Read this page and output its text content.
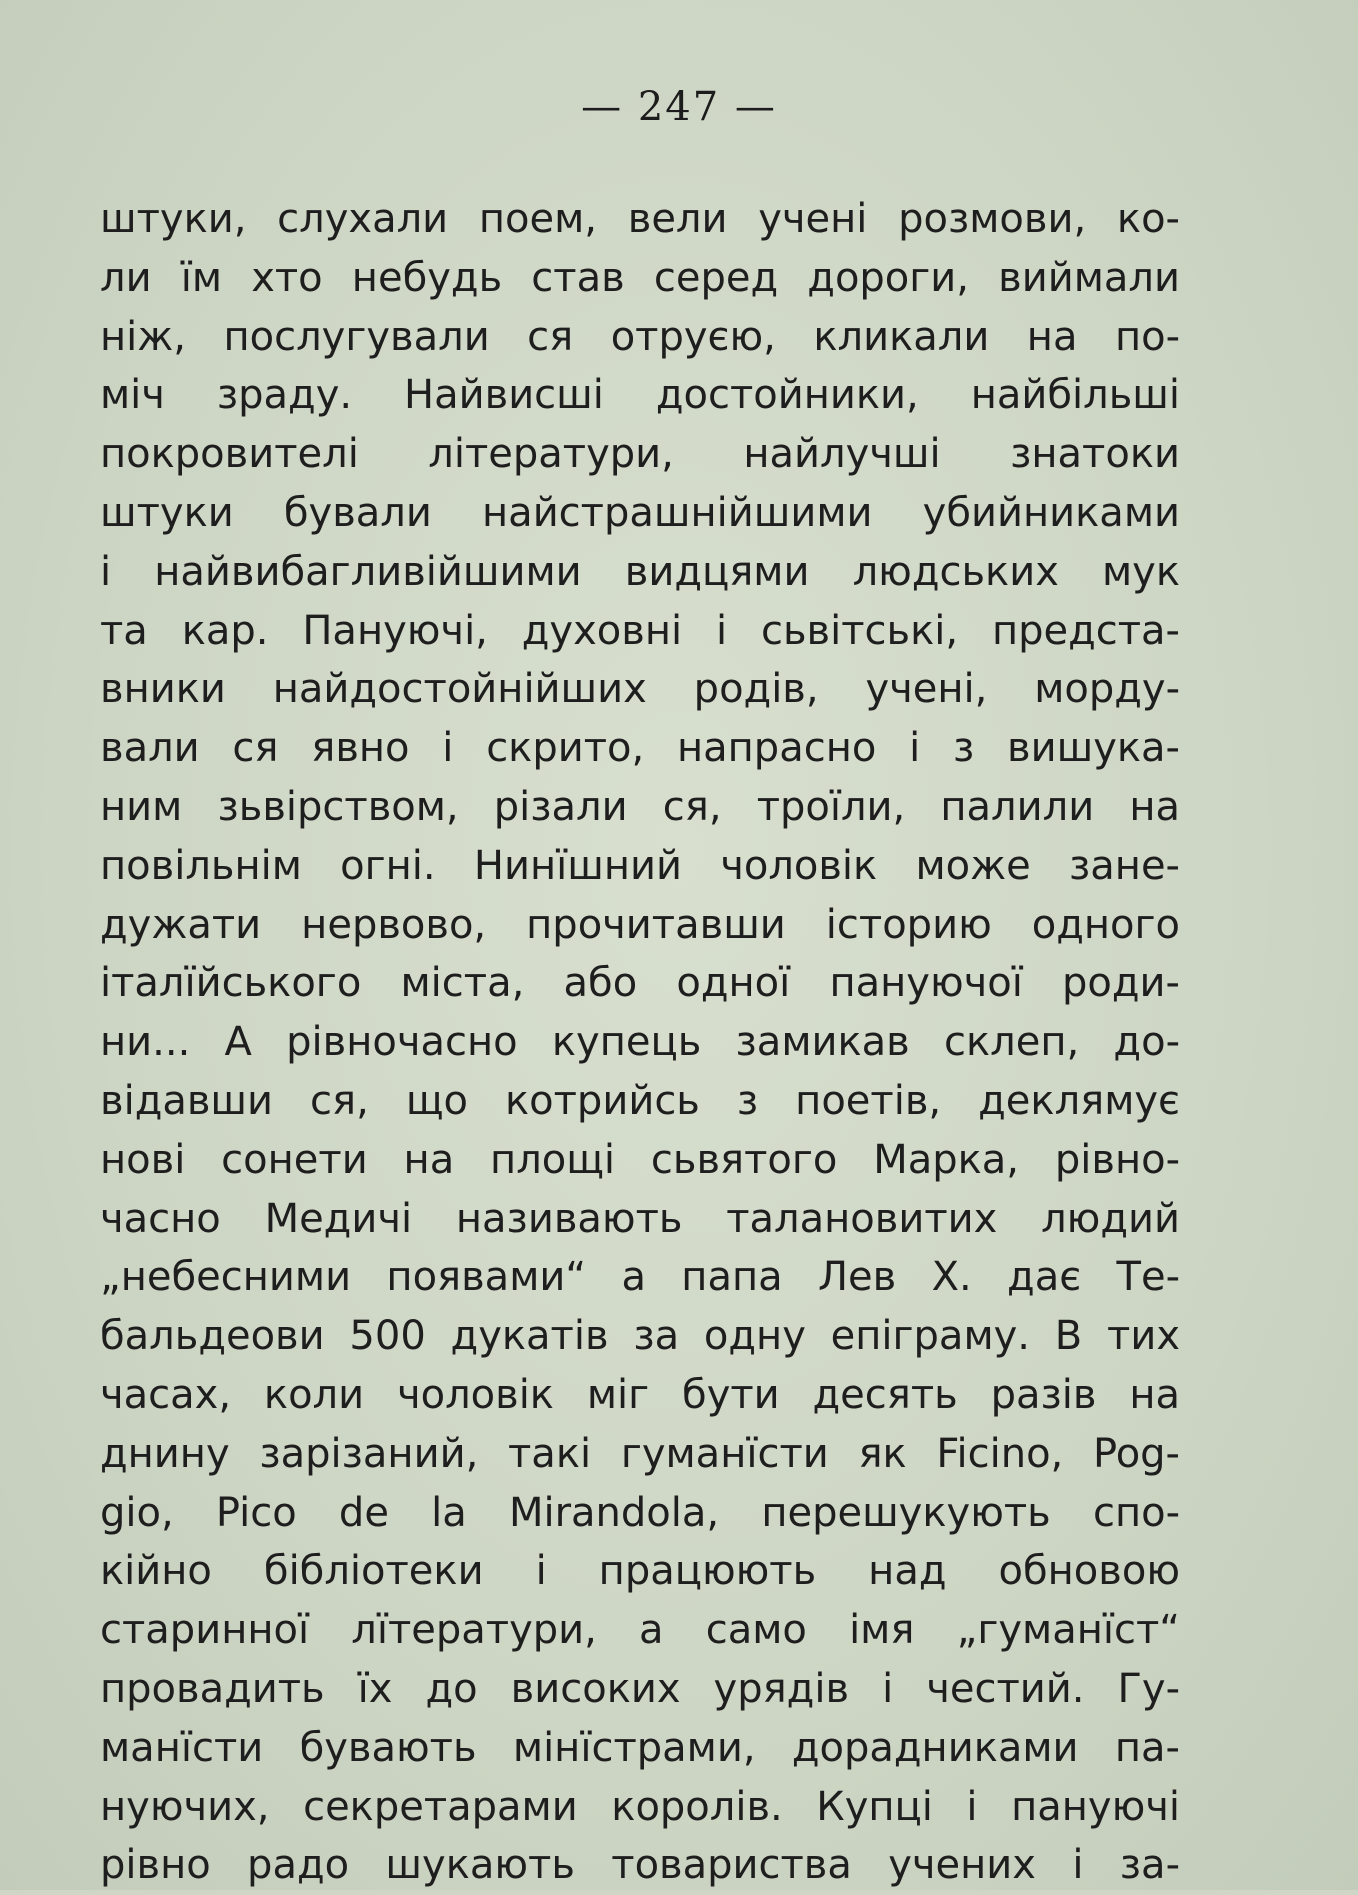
— 247 —
штуки, слухали поем, вели учені розмови, ко-
ли їм хто небудь став серед дороги, виймали
ніж, послугували ся отруєю, кликали на по-
міч зраду. Найвисші достойники, найбільші
покровителі літератури, найлучші знатоки
штуки бували найстрашнійшими убийниками
і найвибагливійшими видцями людських мук
та кар. Пануючі, духовні і сьвітські, предста-
вники найдостойнійших родів, учені, морду-
вали ся явно і скрито, напрасно і з вишука-
ним зьвірством, різали ся, троїли, палили на
повільнім огні. Нинїшний чоловік може зане-
дужати нервово, прочитавши історию одного
італїйського міста, або одної пануючої роди-
ни... А рівночасно купець замикав склеп, до-
відавши ся, що котрийсь з поетів, деклямує
нові сонети на площі сьвятого Марка, рівно-
часно Медичі називають талановитих людий
„небесними появами“ а папа Лев X. дає Те-
бальдеови 500 дукатів за одну епіграму. В тих
часах, коли чоловік міг бути десять разів на
днину зарізаний, такі гуманїсти як Ficino, Pog-
gio, Pico de la Mirandola, перешукують спо-
кійно бібліотеки і працюють над обновою
старинної лїтератури, а само імя „гуманїст“
провадить їх до високих урядів і честий. Гу-
манїсти бувають мінїстрами, дорадниками па-
нуючих, секретарами королів. Купці і пануючі
рівно радо шукають товариства учених і за-
